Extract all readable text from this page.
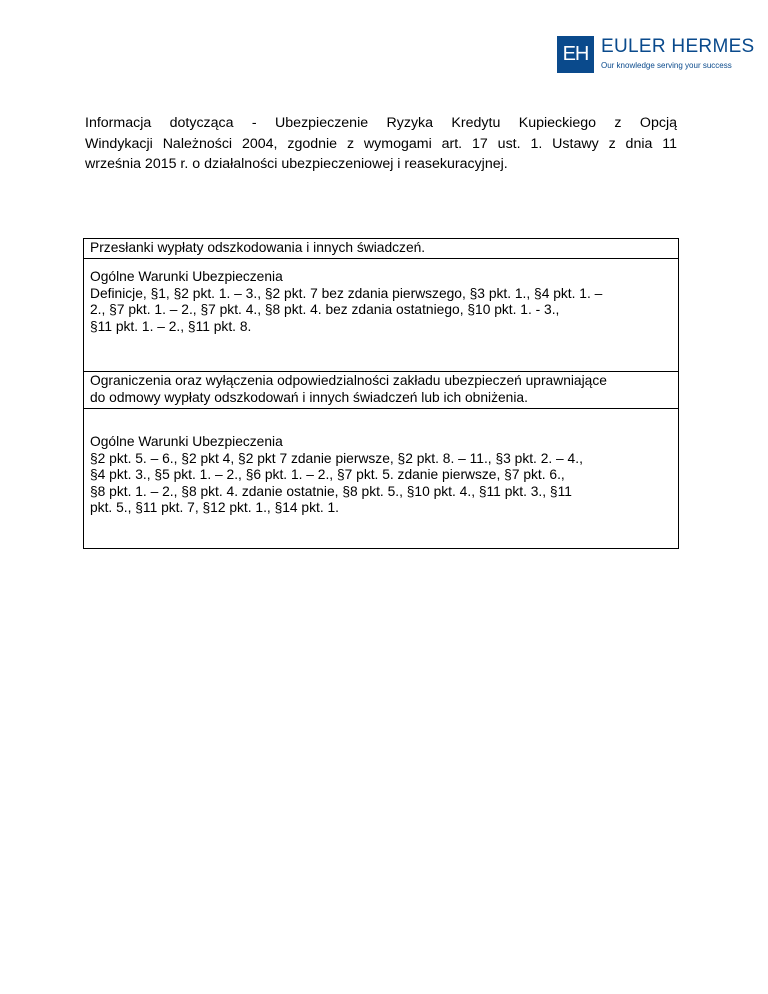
EH EULER HERMES
Our knowledge serving your success
Informacja dotycząca - Ubezpieczenie Ryzyka Kredytu Kupieckiego z Opcją
Windykacji Należności 2004, zgodnie z wymogami art. 17 ust. 1. Ustawy z dnia 11
września 2015 r. o działalności ubezpieczeniowej i reasekuracyjnej.

Przesłanki wypłaty odszkodowania i innych świadczeń.

Ogólne Warunki Ubezpieczenia

Definicje, §1, §2 pkt. 1. – 3., §2 pkt. 7 bez zdania pierwszego, §3 pkt. 1., §4 pkt. 1. –
2., §7 pkt. 1. – 2., §7 pkt. 4., §8 pkt. 4. bez zdania ostatniego, §10 pkt. 1. - 3.,
§11 pkt. 1. – 2., §11 pkt. 8.
Ograniczenia oraz wyłączenia odpowiedzialności zakładu ubezpieczeń uprawniające
do odmowy wypłaty odszkodowań i innych świadczeń lub ich obniżenia.

Ogólne Warunki Ubezpieczenia

§2 pkt. 5. – 6., §2 pkt 4, §2 pkt 7 zdanie pierwsze, §2 pkt. 8. – 11., §3 pkt. 2. – 4.,
§4 pkt. 3., §5 pkt. 1. – 2., §6 pkt. 1. – 2., §7 pkt. 5. zdanie pierwsze, §7 pkt. 6.,
§8 pkt. 1. – 2., §8 pkt. 4. zdanie ostatnie, §8 pkt. 5., §10 pkt. 4., §11 pkt. 3., §11
pkt. 5., §11 pkt. 7, §12 pkt. 1., §14 pkt. 1.
